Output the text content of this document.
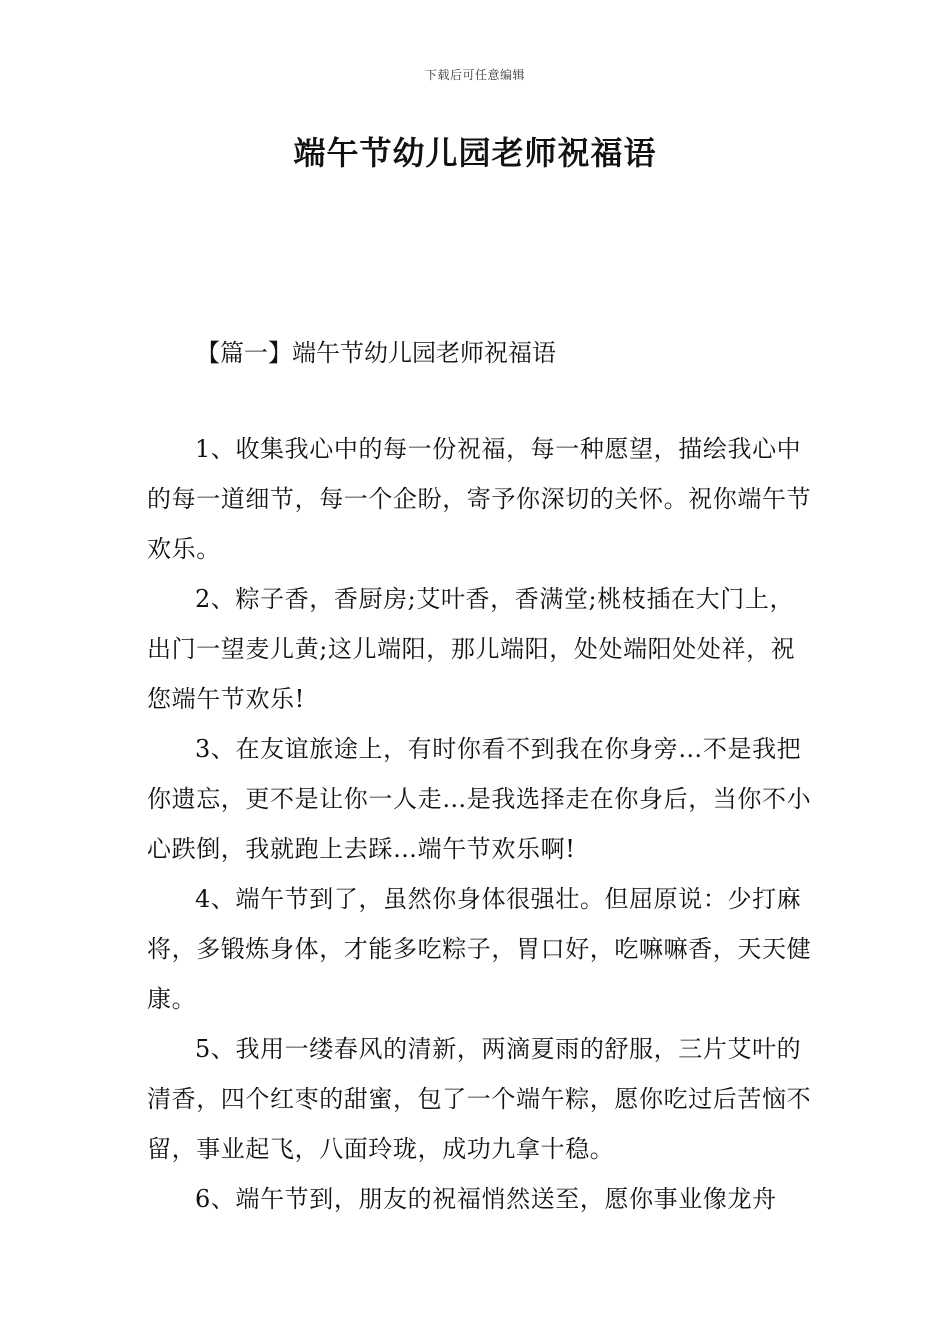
下载后可任意编辑
端午节幼儿园老师祝福语
【篇一】端午节幼儿园老师祝福语

1、收集我心中的每一份祝福，每一种愿望，描绘我心中的每一道细节，每一个企盼，寄予你深切的关怀。祝你端午节欢乐。

2、粽子香，香厨房;艾叶香，香满堂;桃枝插在大门上，出门一望麦儿黄;这儿端阳，那儿端阳，处处端阳处处祥，祝您端午节欢乐!

3、在友谊旅途上，有时你看不到我在你身旁…不是我把你遗忘，更不是让你一人走…是我选择走在你身后，当你不小心跌倒，我就跑上去踩…端午节欢乐啊!

4、端午节到了，虽然你身体很强壮。但屈原说：少打麻将，多锻炼身体，才能多吃粽子，胃口好，吃嘛嘛香，天天健康。

5、我用一缕春风的清新，两滴夏雨的舒服，三片艾叶的清香，四个红枣的甜蜜，包了一个端午粽，愿你吃过后苦恼不留，事业起飞，八面玲珑，成功九拿十稳。

6、端午节到，朋友的祝福悄然送至，愿你事业像龙舟
